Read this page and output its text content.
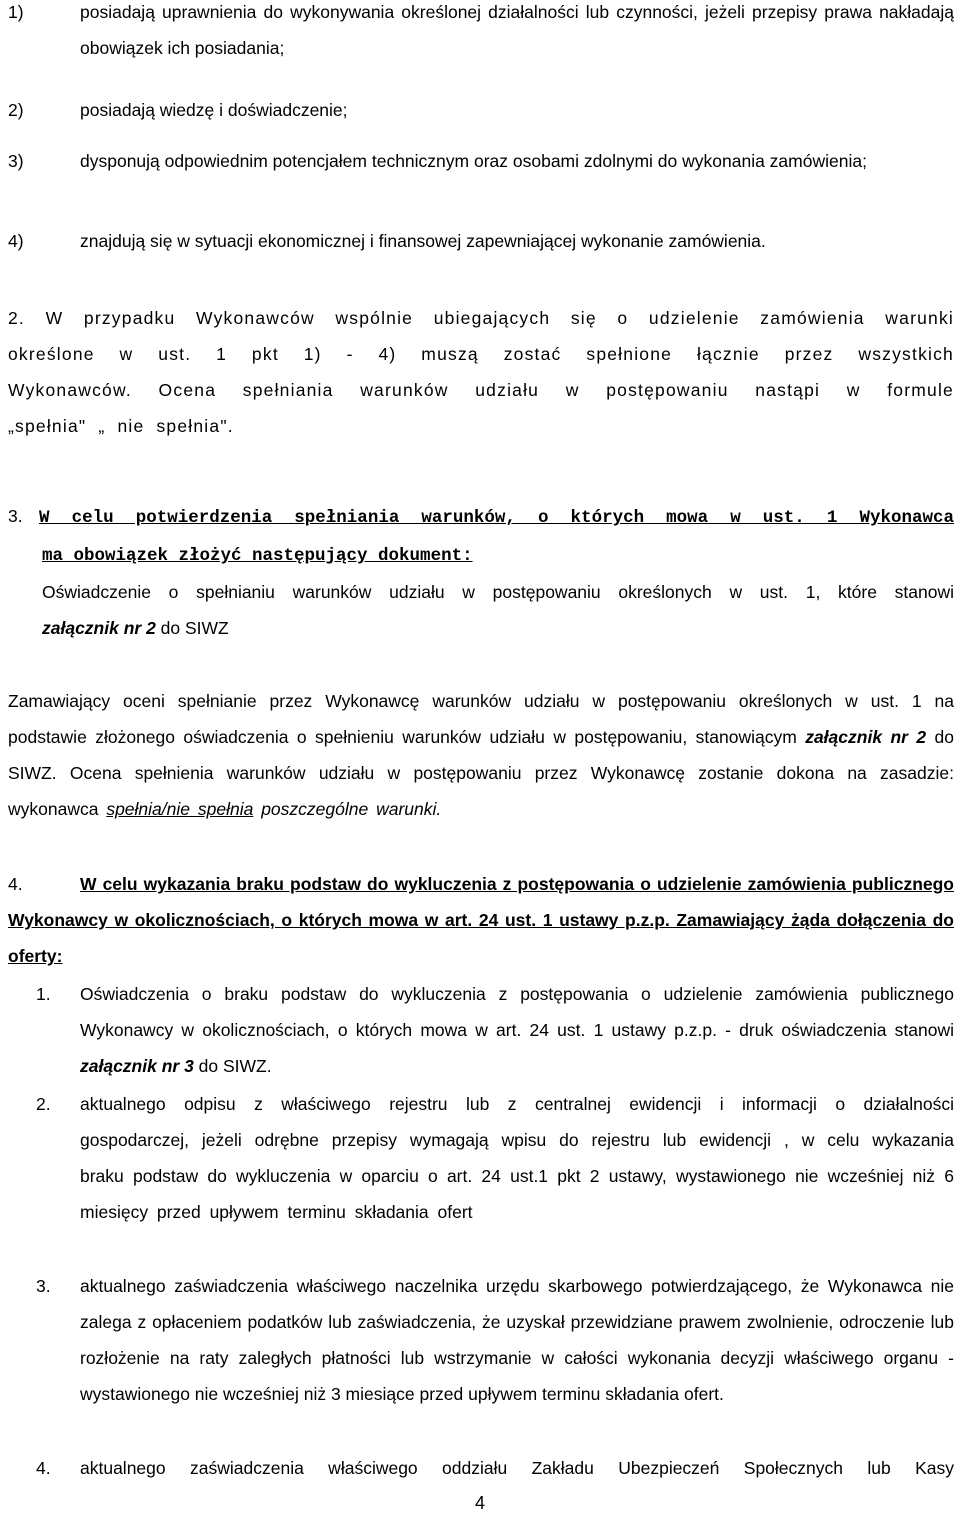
1)	posiadają uprawnienia do wykonywania określonej działalności lub czynności, jeżeli przepisy prawa nakładają obowiązek ich posiadania;
2)	posiadają wiedzę i doświadczenie;
3)	dysponują odpowiednim potencjałem technicznym oraz osobami zdolnymi do wykonania zamówienia;
4)	znajdują się w sytuacji ekonomicznej i finansowej zapewniającej wykonanie zamówienia.
2. W przypadku Wykonawców wspólnie ubiegających się o udzielenie zamówienia warunki
określone w ust. 1 pkt 1) - 4) muszą zostać spełnione łącznie przez wszystkich
Wykonawców. Ocena spełniania warunków udziału w postępowaniu nastąpi w formule
„spełnia" „ nie spełnia".
3. W celu potwierdzenia spełniania warunków, o których mowa w ust. 1 Wykonawca
ma obowiązek złożyć następujący dokument:
Oświadczenie o spełnianiu warunków udziału w postępowaniu określonych w ust. 1, które stanowi
załącznik nr 2 do SIWZ
Zamawiający oceni spełnianie przez Wykonawcę warunków udziału w postępowaniu określonych w ust. 1 na podstawie złożonego oświadczenia o spełnieniu warunków udziału w postępowaniu, stanowiącym załącznik nr 2 do SIWZ. Ocena spełnienia warunków udziału w postępowaniu przez Wykonawcę zostanie dokona na zasadzie: wykonawca spełnia/nie spełnia poszczególne warunki.
4.	W celu wykazania braku podstaw do wykluczenia z postępowania o udzielenie zamówienia publicznego Wykonawcy w okolicznościach, o których mowa w art. 24 ust. 1 ustawy p.z.p. Zamawiający żąda dołączenia do oferty:
1. Oświadczenia o braku podstaw do wykluczenia z postępowania o udzielenie zamówienia publicznego Wykonawcy w okolicznościach, o których mowa w art. 24 ust. 1 ustawy p.z.p. - druk oświadczenia stanowi załącznik nr 3 do SIWZ.
2. aktualnego odpisu z właściwego rejestru lub z centralnej ewidencji i informacji o działalności gospodarczej, jeżeli odrębne przepisy wymagają wpisu do rejestru lub ewidencji , w celu wykazania braku podstaw do wykluczenia w oparciu o art. 24 ust.1 pkt 2 ustawy, wystawionego nie wcześniej niż 6 miesięcy przed upływem terminu składania ofert
3. aktualnego zaświadczenia właściwego naczelnika urzędu skarbowego potwierdzającego, że Wykonawca nie zalega z opłaceniem podatków lub zaświadczenia, że uzyskał przewidziane prawem zwolnienie, odroczenie lub rozłożenie na raty zaległych płatności lub wstrzymanie w całości wykonania decyzji właściwego organu - wystawionego nie wcześniej niż 3 miesiące przed upływem terminu składania ofert.
4. aktualnego zaświadczenia właściwego oddziału Zakładu Ubezpieczeń Społecznych lub Kasy
4
